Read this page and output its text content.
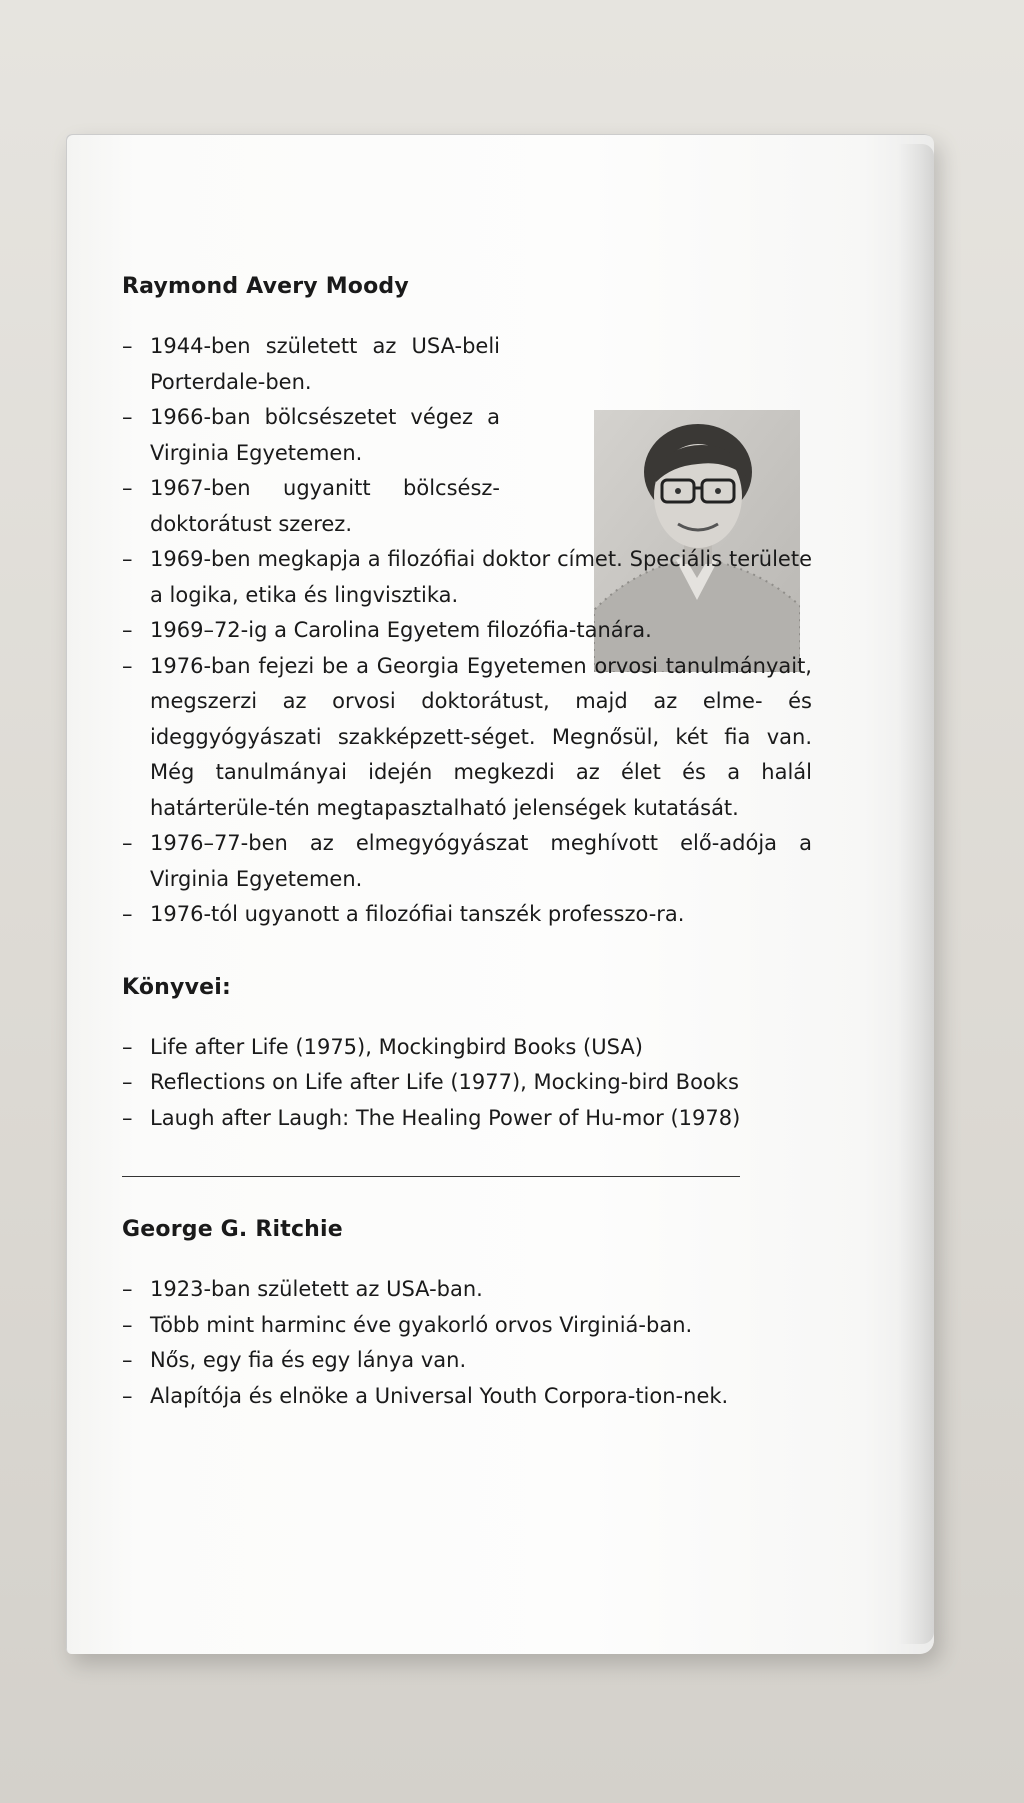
Raymond Avery Moody
– 1944-ben született az USA-beli Porterdale-ben.
– 1966-ban bölcsészetet végez a Virginia Egyetemen.
– 1967-ben ugyanitt bölcsész-doktorátust szerez.
– 1969-ben megkapja a filozófiai doktor címet. Speciális területe a logika, etika és lingvisztika.
– 1969–72-ig a Carolina Egyetem filozófia-tanára.
– 1976-ban fejezi be a Georgia Egyetemen orvosi tanulmányait, megszerzi az orvosi doktorátust, majd az elme- és ideggyógyászati szakképzett-séget. Megnősül, két fia van. Még tanulmányai idején megkezdi az élet és a halál határterüle-tén megtapasztalható jelenségek kutatását.
– 1976–77-ben az elmegyógyászat meghívott elő-adója a Virginia Egyetemen.
– 1976-tól ugyanott a filozófiai tanszék professzo-ra.
Könyvei:
– Life after Life (1975), Mockingbird Books (USA)
– Reflections on Life after Life (1977), Mocking-bird Books
– Laugh after Laugh: The Healing Power of Hu-mor (1978)
George G. Ritchie
– 1923-ban született az USA-ban.
– Több mint harminc éve gyakorló orvos Virginiá-ban.
– Nős, egy fia és egy lánya van.
– Alapítója és elnöke a Universal Youth Corpora-tion-nek.
